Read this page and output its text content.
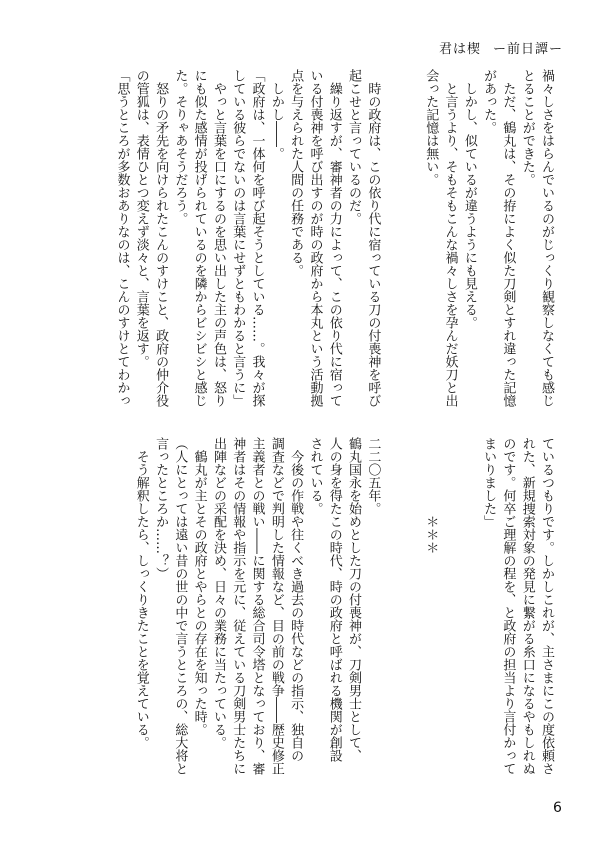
君は楔 ー前日譚ー
禍々しさをはらんでいるのがじっくり観察しなくても感じ
とることができた。
　ただ、鶴丸は、その拵によく似た刀剣とすれ違った記憶
があった。
　しかし、似ているが違うようにも見える。
　と言うより、そもそもこんな禍々しさを孕んだ妖刀と出
会った記憶は無い。

　時の政府は、この依り代に宿っている刀の付喪神を呼び
起こせと言っているのだ。
　繰り返すが、審神者の力によって、この依り代に宿って
いる付喪神を呼び出すのが時の政府から本丸という活動拠
点を与えられた人間の任務である。
　しかし――。
「政府は、一体何を呼び起そうとしている……。我々が探
している彼らでないのは言葉にせずともわかると言うに」
　やっと言葉を口にするのを思い出した主の声色は、怒り
にも似た感情が投げられているのを隣からビシビシと感じ
た。そりゃあそうだろう。
　怒りの矛先を向けられたこんのすけこと、政府の仲介役
の管狐は、表情ひとつ変えず淡々と、言葉を返す。
「思うところが多数おありなのは、こんのすけとてわかっ
ているつもりです。しかしこれが、主さまにこの度依頼さ
れた、新規捜索対象の発見に繋がる糸口になるやもしれぬ
のです。何卒ご理解の程を、と政府の担当より言付かって
まいりました」

　　　　　　＊＊＊

二二〇五年。
鶴丸国永を始めとした刀の付喪神が、刀剣男士として、
人の身を得たこの時代、時の政府と呼ばれる機関が創設
されている。
　今後の作戦や往くべき過去の時代などの指示、独自の
調査などで判明した情報など、目の前の戦争――歴史修正
主義者との戦い――に関する総合司令塔となっており、審
神者はその情報や指示を元に、従えている刀剣男士たちに
出陣などの采配を決め、日々の業務に当たっている。
　鶴丸が主とその政府とやらとの存在を知った時。
（人にとっては遠い昔の世の中で言うところの、総大将と
言ったところか……？）
　そう解釈したら、しっくりきたことを覚えている。
6
